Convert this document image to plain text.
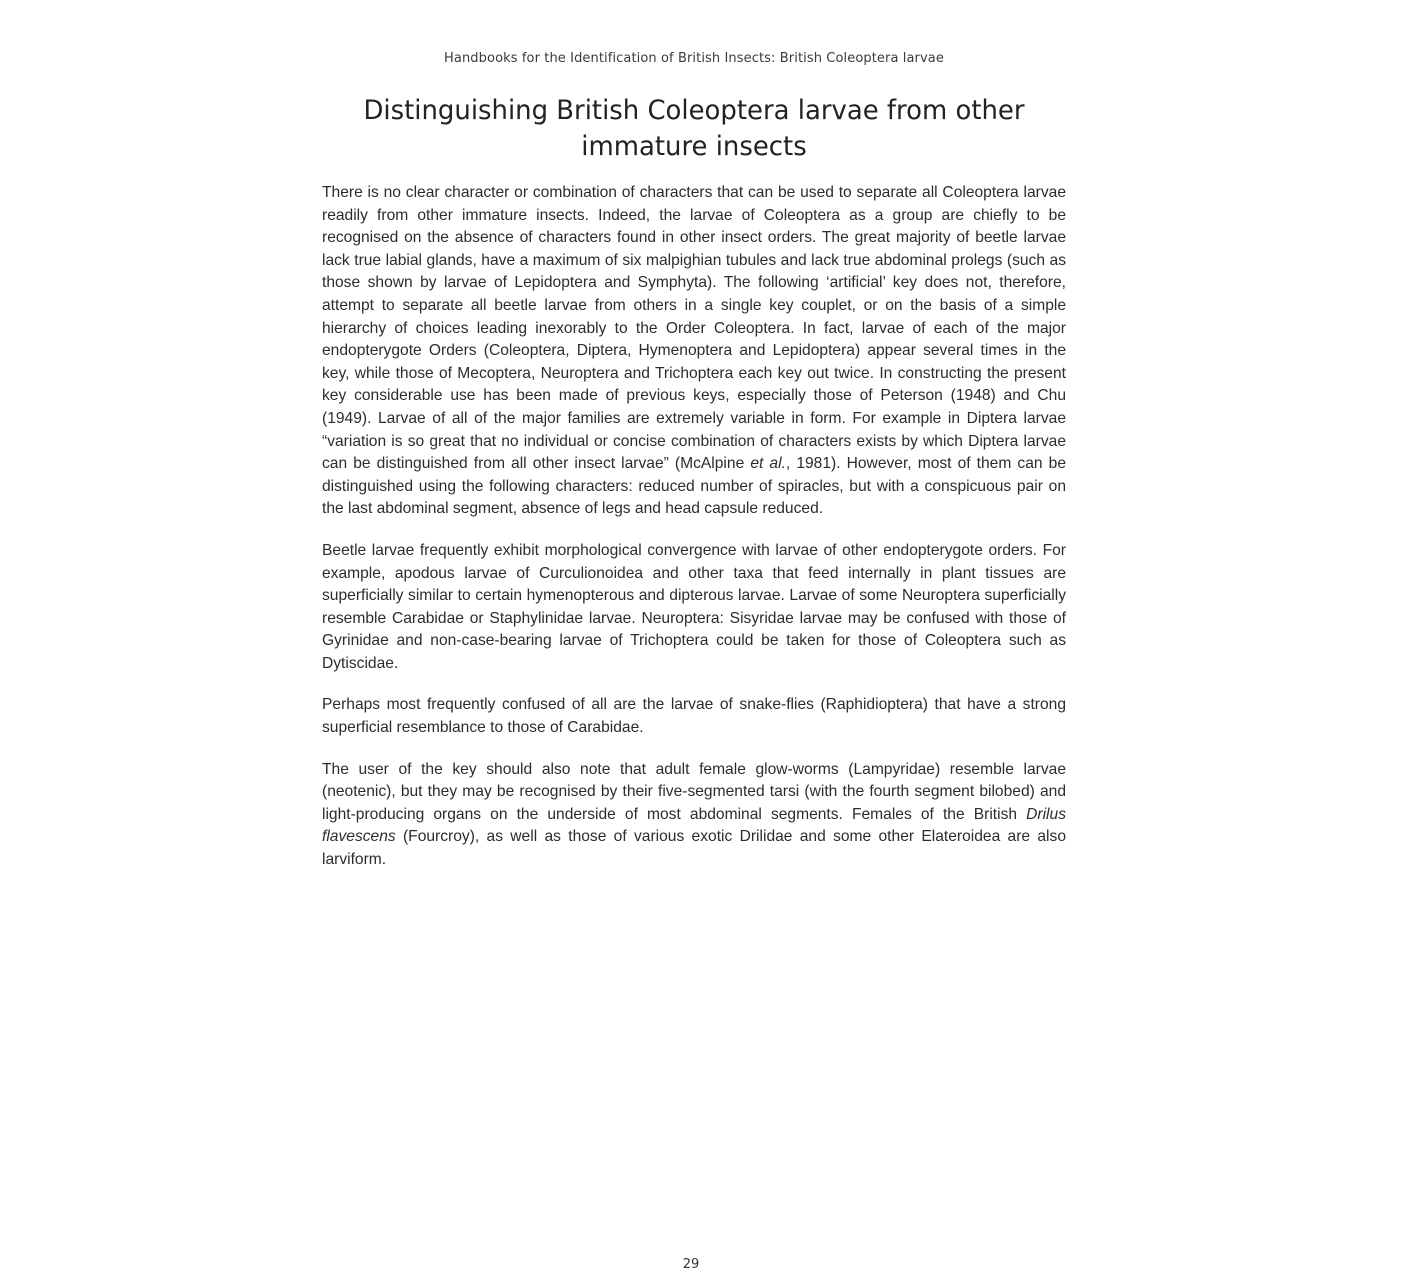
Handbooks for the Identification of British Insects: British Coleoptera larvae
Distinguishing British Coleoptera larvae from other
immature insects

There is no clear character or combination of characters that can be used to separate all Coleoptera larvae readily from other immature insects. Indeed, the larvae of Coleoptera as a group are chiefly to be recognised on the absence of characters found in other insect orders. The great majority of beetle larvae lack true labial glands, have a maximum of six malpighian tubules and lack true abdominal prolegs (such as those shown by larvae of Lepidoptera and Symphyta). The following ‘artificial’ key does not, therefore, attempt to separate all beetle larvae from others in a single key couplet, or on the basis of a simple hierarchy of choices leading inexorably to the Order Coleoptera. In fact, larvae of each of the major endopterygote Orders (Coleoptera, Diptera, Hymenoptera and Lepidoptera) appear several times in the key, while those of Mecoptera, Neuroptera and Trichoptera each key out twice. In constructing the present key considerable use has been made of previous keys, especially those of Peterson (1948) and Chu (1949). Larvae of all of the major families are extremely variable in form. For example in Diptera larvae “variation is so great that no individual or concise combination of characters exists by which Diptera larvae can be distinguished from all other insect larvae” (McAlpine et al., 1981). However, most of them can be distinguished using the following characters: reduced number of spiracles, but with a conspicuous pair on the last abdominal segment, absence of legs and head capsule reduced.

Beetle larvae frequently exhibit morphological convergence with larvae of other endopterygote orders. For example, apodous larvae of Curculionoidea and other taxa that feed internally in plant tissues are superficially similar to certain hymenopterous and dipterous larvae. Larvae of some Neuroptera superficially resemble Carabidae or Staphylinidae larvae. Neuroptera: Sisyridae larvae may be confused with those of Gyrinidae and non-case-bearing larvae of Trichoptera could be taken for those of Coleoptera such as Dytiscidae.

Perhaps most frequently confused of all are the larvae of snake-flies (Raphidioptera) that have a strong superficial resemblance to those of Carabidae.

The user of the key should also note that adult female glow-worms (Lampyridae) resemble larvae (neotenic), but they may be recognised by their five-segmented tarsi (with the fourth segment bilobed) and light-producing organs on the underside of most abdominal segments. Females of the British Drilus flavescens (Fourcroy), as well as those of various exotic Drilidae and some other Elateroidea are also larviform.

29
